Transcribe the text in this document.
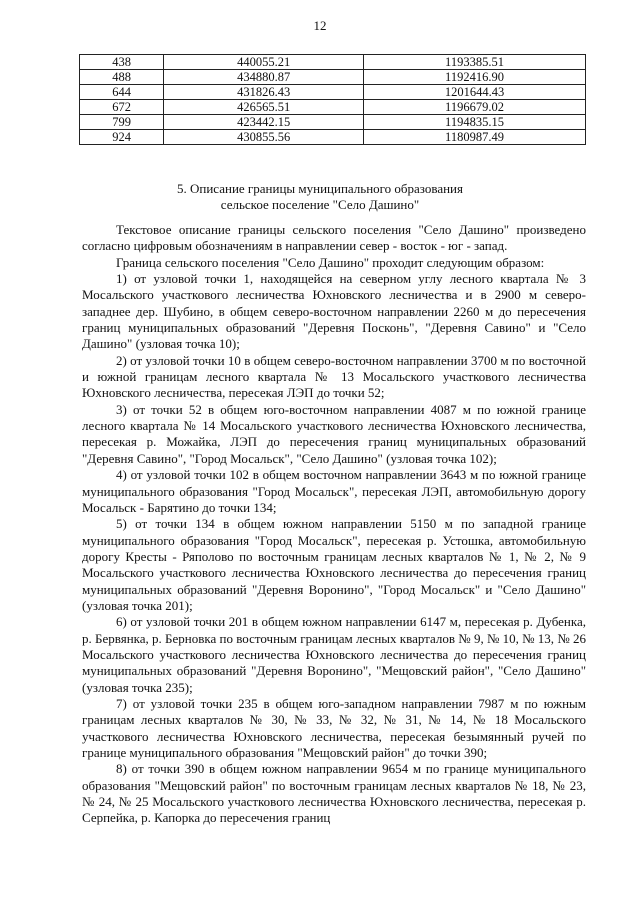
12
438	440055.21	1193385.51
488	434880.87	1192416.90
644	431826.43	1201644.43
672	426565.51	1196679.02
799	423442.15	1194835.15
924	430855.56	1180987.49
5. Описание границы муниципального образования
сельское поселение "Село Дашино"

Текстовое описание границы сельского поселения "Село Дашино" произведено согласно цифровым обозначениям в направлении север - восток - юг - запад.

Граница сельского поселения "Село Дашино" проходит следующим образом:

1) от узловой точки 1, находящейся на северном углу лесного квартала № 3 Мосальского участкового лесничества Юхновского лесничества и в 2900 м северо-западнее дер. Шубино, в общем северо-восточном направлении 2260 м до пересечения границ муниципальных образований "Деревня Посконь", "Деревня Савино" и "Село Дашино" (узловая точка 10);

2) от узловой точки 10 в общем северо-восточном направлении 3700 м по восточной и южной границам лесного квартала № 13 Мосальского участкового лесничества Юхновского лесничества, пересекая ЛЭП до точки 52;

3) от точки 52 в общем юго-восточном направлении 4087 м по южной границе лесного квартала № 14 Мосальского участкового лесничества Юхновского лесничества, пересекая р. Можайка, ЛЭП до пересечения границ муниципальных образований "Деревня Савино", "Город Мосальск", "Село Дашино" (узловая точка 102);

4) от узловой точки 102 в общем восточном направлении 3643 м по южной границе муниципального образования "Город Мосальск", пересекая ЛЭП, автомобильную дорогу Мосальск - Барятино до точки 134;

5) от точки 134 в общем южном направлении 5150 м по западной границе муниципального образования "Город Мосальск", пересекая р. Устошка, автомобильную дорогу Кресты - Ряполово по восточным границам лесных кварталов № 1, № 2, № 9 Мосальского участкового лесничества Юхновского лесничества до пересечения границ муниципальных образований "Деревня Воронино", "Город Мосальск" и "Село Дашино" (узловая точка 201);

6) от узловой точки 201 в общем южном направлении 6147 м, пересекая р. Дубенка, р. Бервянка, р. Берновка по восточным границам лесных кварталов № 9, № 10, № 13, № 26 Мосальского участкового лесничества Юхновского лесничества до пересечения границ муниципальных образований "Деревня Воронино", "Мещовский район", "Село Дашино" (узловая точка 235);

7) от узловой точки 235 в общем юго-западном направлении 7987 м по южным границам лесных кварталов № 30, № 33, № 32, № 31, № 14, № 18 Мосальского участкового лесничества Юхновского лесничества, пересекая безымянный ручей по границе муниципального образования "Мещовский район" до точки 390;

8) от точки 390 в общем южном направлении 9654 м по границе муниципального образования "Мещовский район" по восточным границам лесных кварталов № 18, № 23, № 24, № 25 Мосальского участкового лесничества Юхновского лесничества, пересекая р. Серпейка, р. Капорка до пересечения границ
